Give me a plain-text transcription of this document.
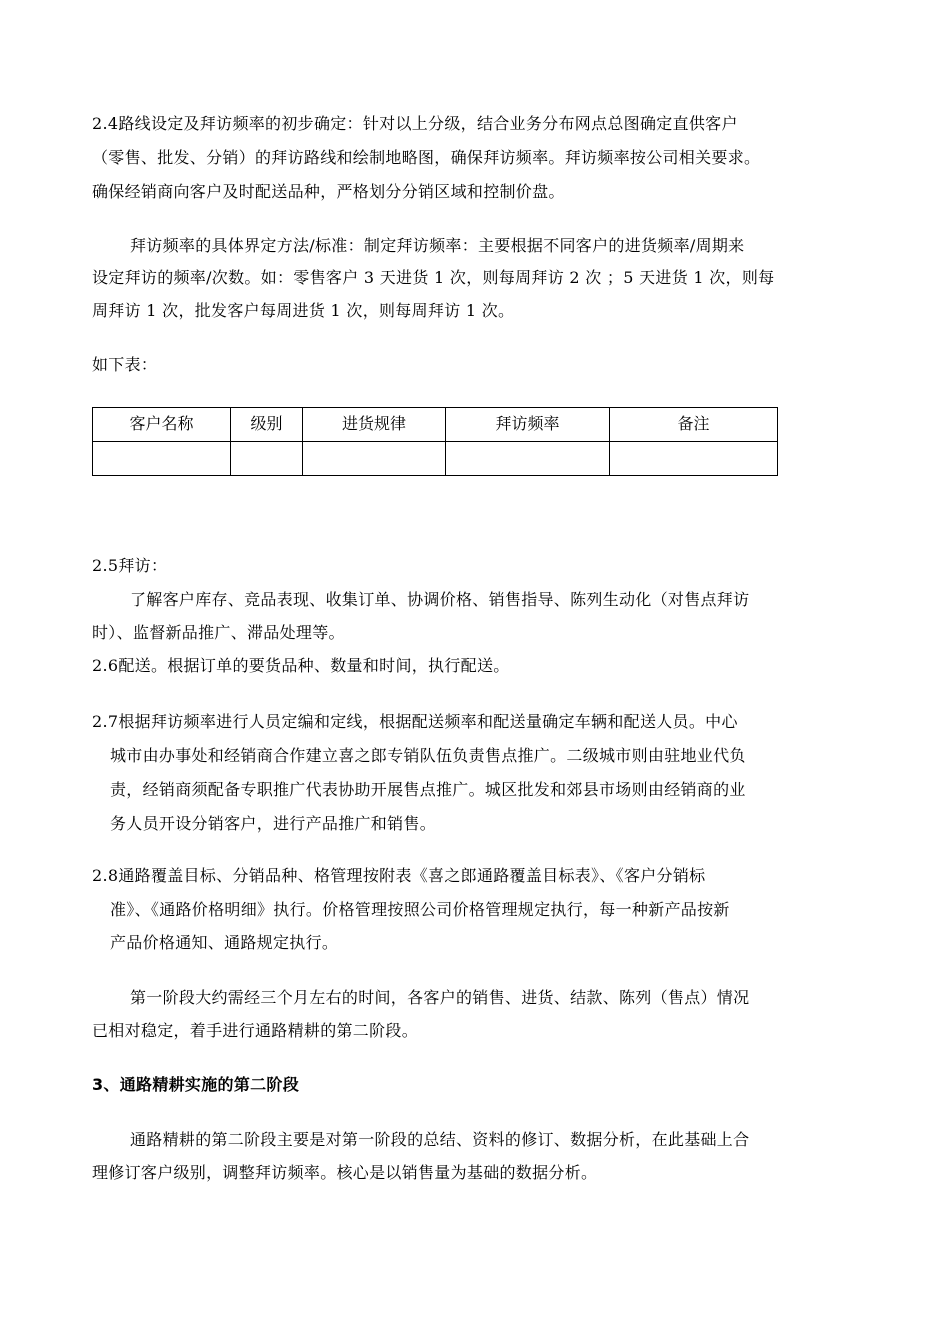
2.4路线设定及拜访频率的初步确定：针对以上分级，结合业务分布网点总图确定直供客户
（零售、批发、分销）的拜访路线和绘制地略图，确保拜访频率。拜访频率按公司相关要求。
确保经销商向客户及时配送品种，严格划分分销区域和控制价盘。
拜访频率的具体界定方法/标准：制定拜访频率：主要根据不同客户的进货频率/周期来
设定拜访的频率/次数。如：零售客户 3 天进货 1 次，则每周拜访 2 次 ；5 天进货 1 次，则每
周拜访 1 次，批发客户每周进货 1 次，则每周拜访 1 次。
如下表：
客户名称	级别	进货规律	拜访频率	备注

2.5拜访：
了解客户库存、竞品表现、收集订单、协调价格、销售指导、陈列生动化（对售点拜访
时）、监督新品推广、滞品处理等。
2.6配送。根据订单的要货品种、数量和时间，执行配送。
2.7根据拜访频率进行人员定编和定线，根据配送频率和配送量确定车辆和配送人员。中心
城市由办事处和经销商合作建立喜之郎专销队伍负责售点推广。二级城市则由驻地业代负
责，经销商须配备专职推广代表协助开展售点推广。城区批发和郊县市场则由经销商的业
务人员开设分销客户，进行产品推广和销售。
2.8通路覆盖目标、分销品种、格管理按附表《喜之郎通路覆盖目标表》、《客户分销标
准》、《通路价格明细》执行。价格管理按照公司价格管理规定执行，每一种新产品按新
产品价格通知、通路规定执行。
第一阶段大约需经三个月左右的时间，各客户的销售、进货、结款、陈列（售点）情况
已相对稳定，着手进行通路精耕的第二阶段。
3、通路精耕实施的第二阶段
通路精耕的第二阶段主要是对第一阶段的总结、资料的修订、数据分析，在此基础上合
理修订客户级别，调整拜访频率。核心是以销售量为基础的数据分析。
